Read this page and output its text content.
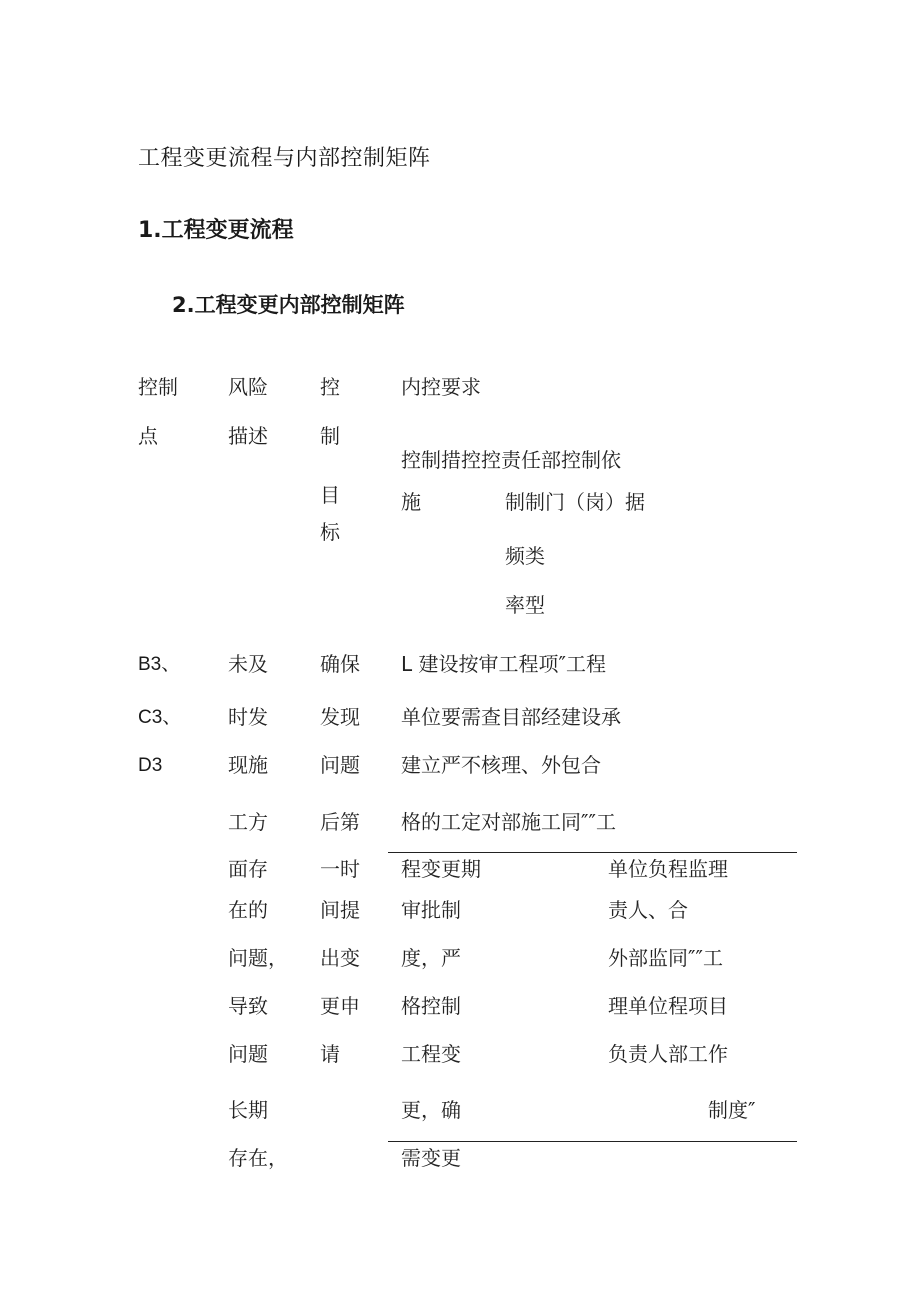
工程变更流程与内部控制矩阵
1.工程变更流程
2.工程变更内部控制矩阵
控制
点
风险
描述
控
制
目
标
内控要求
控制措控控责任部控制依
施	制制门（岗）据
频类
率型
B3、
C3、
D3
未及
时发
现施
工方
面存
在的
问题，
导致
问题
长期
存在，
确保
发现
问题
后第
一时
间提
出变
更申
请
L 建设按审工程项″工程
单位要需查目部经建设承
建立严不核理、外包合
格的工定对部施工同″″工
程变更期
审批制
度，严
格控制
工程变
更，确
需变更
单位负程监理
责人、合
外部监同″″工
理单位程项目
负责人部工作
制度″
